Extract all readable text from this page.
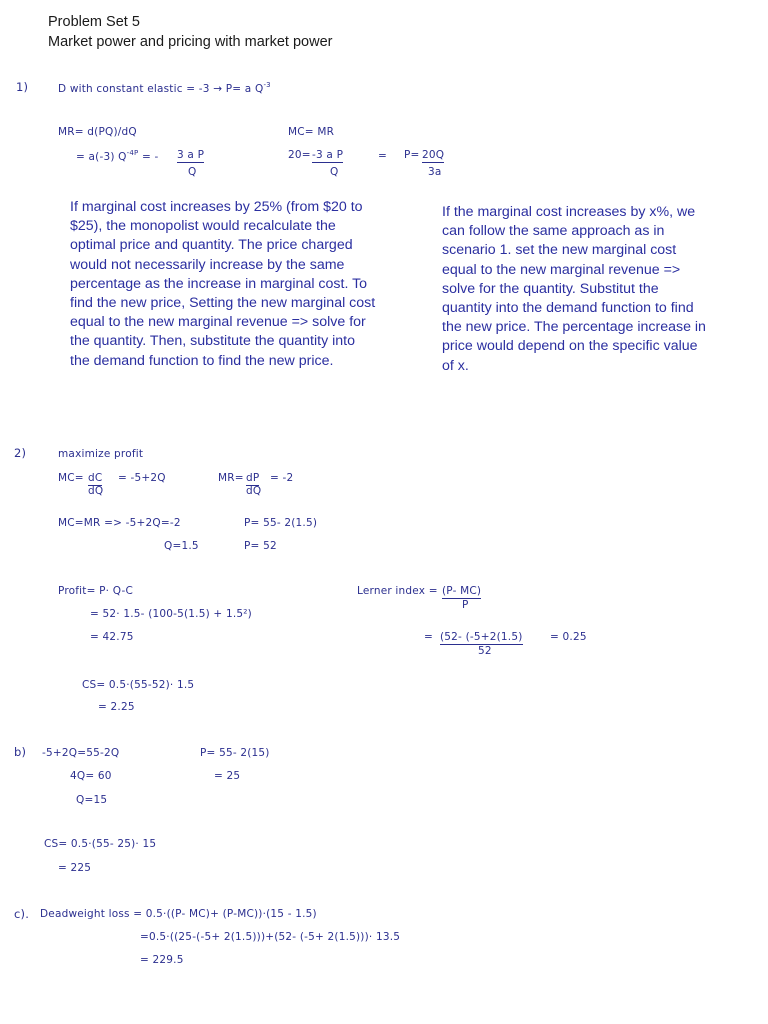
Problem Set 5
Market power and pricing with market power
1)	D with constant elastic = -3 → P= a $Q^{-3}$
MR= d(PQ)/dQ
= a(-3) $Q^{-4P}$ = - 3 a P
Q
MC= MR
20= -3 a P
Q
= P= 20Q
3a
If marginal cost increases by 25% (from $20 to $25), the monopolist would recalculate the optimal price and quantity. The price charged would not necessarily increase by the same percentage as the increase in marginal cost. To find the new price, Setting the new marginal cost equal to the new marginal revenue => solve for the quantity. Then, substitute the quantity into the demand function to find the new price.
If the marginal cost increases by x%, we can follow the same approach as in scenario 1. set the new marginal cost equal to the new marginal revenue => solve for the quantity. Substitut the quantity into the demand function to find the new price. The percentage increase in price would depend on the specific value of x.
2)	maximize profit
MC= dC
dQ
= -5+2Q	MR= dP
dQ
= -2
MC=MR => -5+2Q=-2
Q=1.5
P= 55- 2(1.5)
P= 52
Profit= P· Q-C
= 52· 1.5- (100-5(1.5) + 1.5²)
= 42.75
Lerner index = (P- MC)
P
= (52- (-5+2(1.5)
52
= 0.25
CS= 0.5·(55-52)· 1.5
= 2.25
b) -5+2Q=55-2Q
4Q= 60
Q=15
P= 55- 2(15)
= 25
CS= 0.5·(55- 25)· 15
= 225
c). Deadweight loss = 0.5·((P- MC)+ (P-MC))·(15 - 1.5)
=0.5·((25-(-5+ 2(1.5)))+(52- (-5+ 2(1.5)))· 13.5
= 229.5
